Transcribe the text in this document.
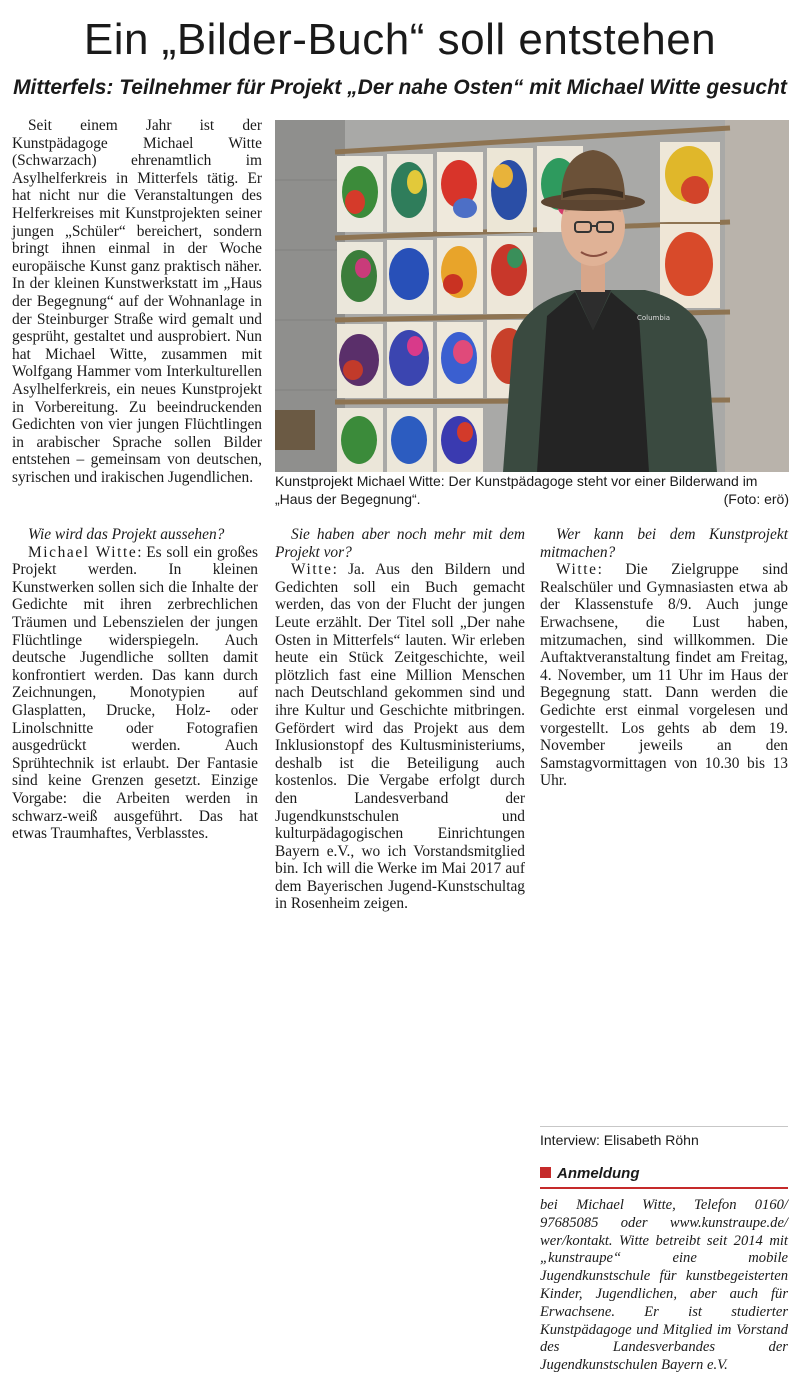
Ein „Bilder-Buch“ soll entstehen
Mitterfels: Teilnehmer für Projekt „Der nahe Osten“ mit Michael Witte gesucht

Seit einem Jahr ist der Kunstpädagoge Michael Witte (Schwarzach) ehrenamtlich im Asylhelferkreis in Mitterfels tätig. Er hat nicht nur die Veranstaltungen des Helferkreises mit Kunstprojekten seiner jungen „Schüler“ bereichert, sondern bringt ihnen einmal in der Woche europäische Kunst ganz praktisch näher. In der kleinen Kunstwerkstatt im „Haus der Begegnung“ auf der Wohnanlage in der Steinburger Straße wird gemalt und gesprüht, gestaltet und ausprobiert. Nun hat Michael Witte, zusammen mit Wolfgang Hammer vom Interkulturellen Asylhelferkreis, ein neues Kunstprojekt in Vorbereitung. Zu beeindruckenden Gedichten von vier jungen Flüchtlingen in arabischer Sprache sollen Bilder entstehen – gemeinsam von deutschen, syrischen und irakischen Jugendlichen.

Columbia
Kunstprojekt Michael Witte: Der Kunstpädagoge steht vor einer Bilderwand im „Haus der Begegnung“.	(Foto: erö)

Wie wird das Projekt aussehen?

Michael Witte: Es soll ein großes Projekt werden. In kleinen Kunstwerken sollen sich die Inhalte der Gedichte mit ihren zerbrechlichen Träumen und Lebenszielen der jungen Flüchtlinge widerspiegeln. Auch deutsche Jugendliche sollten damit konfrontiert werden. Das kann durch Zeichnungen, Monotypien auf Glasplatten, Drucke, Holz- oder Linolschnitte oder Fotografien ausgedrückt werden. Auch Sprühtechnik ist erlaubt. Der Fantasie sind keine Grenzen gesetzt. Einzige Vorgabe: die Arbeiten werden in schwarz-weiß ausgeführt. Das hat etwas Traumhaftes, Verblasstes.

Sie haben aber noch mehr mit dem Projekt vor?

Witte: Ja. Aus den Bildern und Gedichten soll ein Buch gemacht werden, das von der Flucht der jungen Leute erzählt. Der Titel soll „Der nahe Osten in Mitterfels“ lauten. Wir erleben heute ein Stück Zeitgeschichte, weil plötzlich fast eine Million Menschen nach Deutschland gekommen sind und ihre Kultur und Geschichte mitbringen. Gefördert wird das Projekt aus dem Inklusionstopf des Kultusministeriums, deshalb ist die Beteiligung auch kostenlos. Die Vergabe erfolgt durch den Landesverband der Jugendkunstschulen und kulturpädagogischen Einrichtungen Bayern e.V., wo ich Vorstandsmitglied bin. Ich will die Werke im Mai 2017 auf dem Bayerischen Jugend-Kunstschultag in Rosenheim zeigen.

Wer kann bei dem Kunstprojekt mitmachen?

Witte: Die Zielgruppe sind Realschüler und Gymnasiasten etwa ab der Klassenstufe 8/9. Auch junge Erwachsene, die Lust haben, mitzumachen, sind willkommen. Die Auftaktveranstaltung findet am Freitag, 4. November, um 11 Uhr im Haus der Begegnung statt. Dann werden die Gedichte erst einmal vorgelesen und vorgestellt. Los gehts ab dem 19. November jeweils an den Samstagvormittagen von 10.30 bis 13 Uhr.

Interview: Elisabeth Röhn
Anmeldung
bei Michael Witte, Telefon 0160/ 97685085 oder www.kunstraupe.de/ wer/kontakt. Witte betreibt seit 2014 mit „kunstraupe“ eine mobile Jugendkunstschule für kunstbegeisterten Kinder, Jugendlichen, aber auch für Erwachsene. Er ist studierter Kunstpädagoge und Mitglied im Vorstand des Landesverbandes der Jugendkunstschulen Bayern e.V.
